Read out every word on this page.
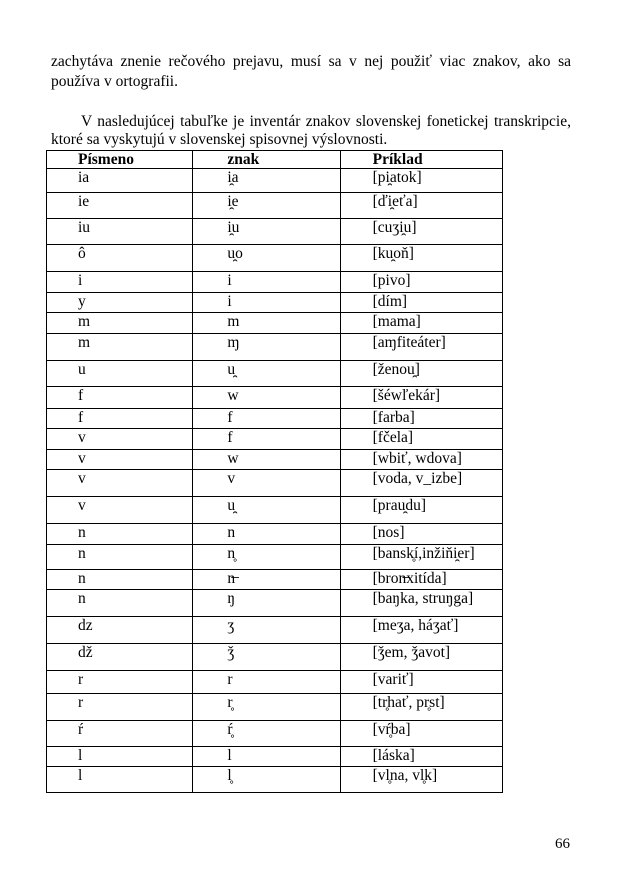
zachytáva znenie rečového prejavu, musí sa v nej použiť viac znakov, ako sa používa v ortografii.

V nasledujúcej tabuľke je inventár znakov slovenskej fonetickej transkripcie, ktoré sa vyskytujú v slovenskej spisovnej výslovnosti.

Písmeno	znak	Príklad
ia	i̯a	[pi̯atok]
ie	i̯e	[ďi̯eťa]
iu	i̯u	[cuʒi̯u]
ô	u̯o	[ku̯oň]
i	i	[pivo]
y	i	[dím]
m	m	[mama]
m	ɱ	[aɱfiteáter]
u	u̯	[ženou̯]
f	w	[šéwľekár]
f	f	[farba]
v	f	[fčela]
v	w	[wbiť, wdova]
v	v	[voda, v_izbe]
v	u̯	[prau̯du]
n	n	[nos]
n	n̥	[bansk̥í,inžiňi̯er]
n	n̶	[bron̶xitída]
n	ŋ	[baŋka, struŋga]
dz	ʒ	[meʒa, háʒať]
dž	ǯ	[ǯem, ǯavot]
r	r	[variť]
r	r̥	[tr̥hať, pr̥st]
ŕ	ŕ̥	[vŕ̥ba]
l	l	[láska]
l	l̥	[vl̥na, vl̥k]
66
